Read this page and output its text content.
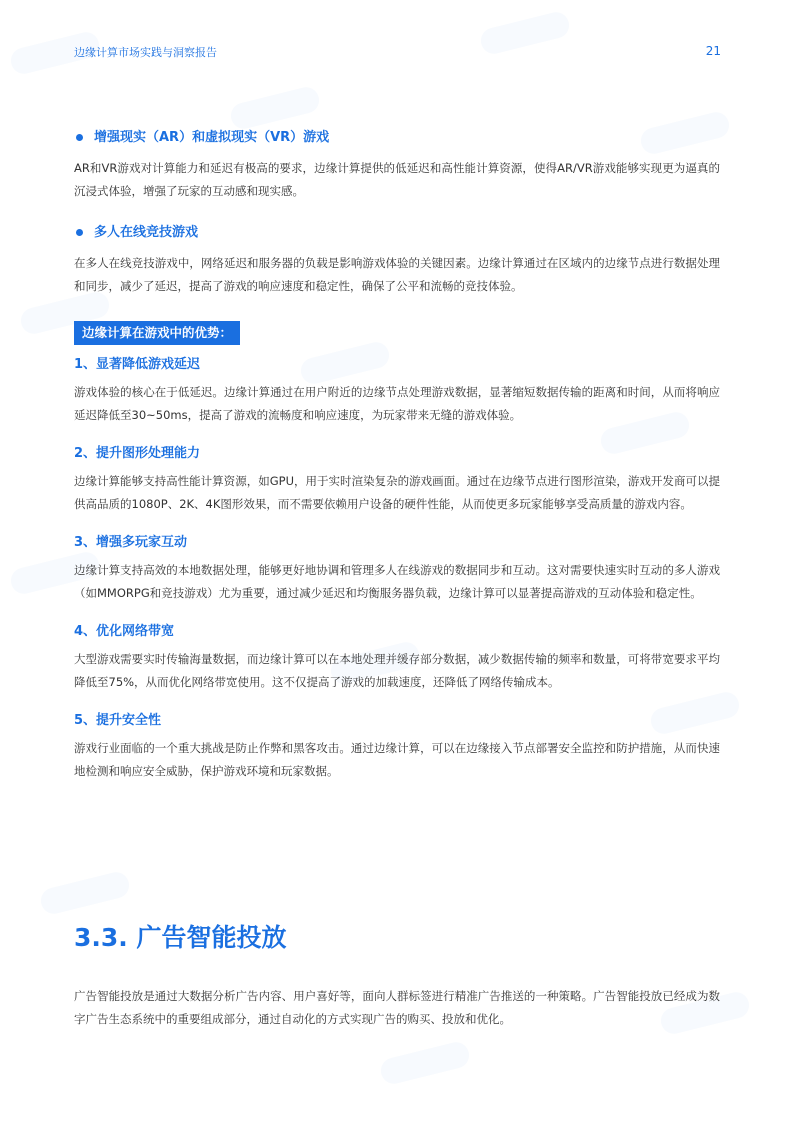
边缘计算市场实践与洞察报告	21
增强现实（AR）和虚拟现实（VR）游戏

AR和VR游戏对计算能力和延迟有极高的要求，边缘计算提供的低延迟和高性能计算资源，使得AR/VR游戏能够实现更为逼真的沉浸式体验，增强了玩家的互动感和现实感。

多人在线竞技游戏

在多人在线竞技游戏中，网络延迟和服务器的负载是影响游戏体验的关键因素。边缘计算通过在区域内的边缘节点进行数据处理和同步，减少了延迟，提高了游戏的响应速度和稳定性，确保了公平和流畅的竞技体验。

边缘计算在游戏中的优势：

1、显著降低游戏延迟

游戏体验的核心在于低延迟。边缘计算通过在用户附近的边缘节点处理游戏数据，显著缩短数据传输的距离和时间，从而将响应延迟降低至30~50ms，提高了游戏的流畅度和响应速度，为玩家带来无缝的游戏体验。

2、提升图形处理能力

边缘计算能够支持高性能计算资源，如GPU，用于实时渲染复杂的游戏画面。通过在边缘节点进行图形渲染，游戏开发商可以提供高品质的1080P、2K、4K图形效果，而不需要依赖用户设备的硬件性能，从而使更多玩家能够享受高质量的游戏内容。

3、增强多玩家互动

边缘计算支持高效的本地数据处理，能够更好地协调和管理多人在线游戏的数据同步和互动。这对需要快速实时互动的多人游戏（如MMORPG和竞技游戏）尤为重要，通过减少延迟和均衡服务器负载，边缘计算可以显著提高游戏的互动体验和稳定性。

4、优化网络带宽

大型游戏需要实时传输海量数据，而边缘计算可以在本地处理并缓存部分数据，减少数据传输的频率和数量，可将带宽要求平均降低至75%，从而优化网络带宽使用。这不仅提高了游戏的加载速度，还降低了网络传输成本。

5、提升安全性

游戏行业面临的一个重大挑战是防止作弊和黑客攻击。通过边缘计算，可以在边缘接入节点部署安全监控和防护措施，从而快速地检测和响应安全威胁，保护游戏环境和玩家数据。

3.3. 广告智能投放

广告智能投放是通过大数据分析广告内容、用户喜好等，面向人群标签进行精准广告推送的一种策略。广告智能投放已经成为数字广告生态系统中的重要组成部分，通过自动化的方式实现广告的购买、投放和优化。
